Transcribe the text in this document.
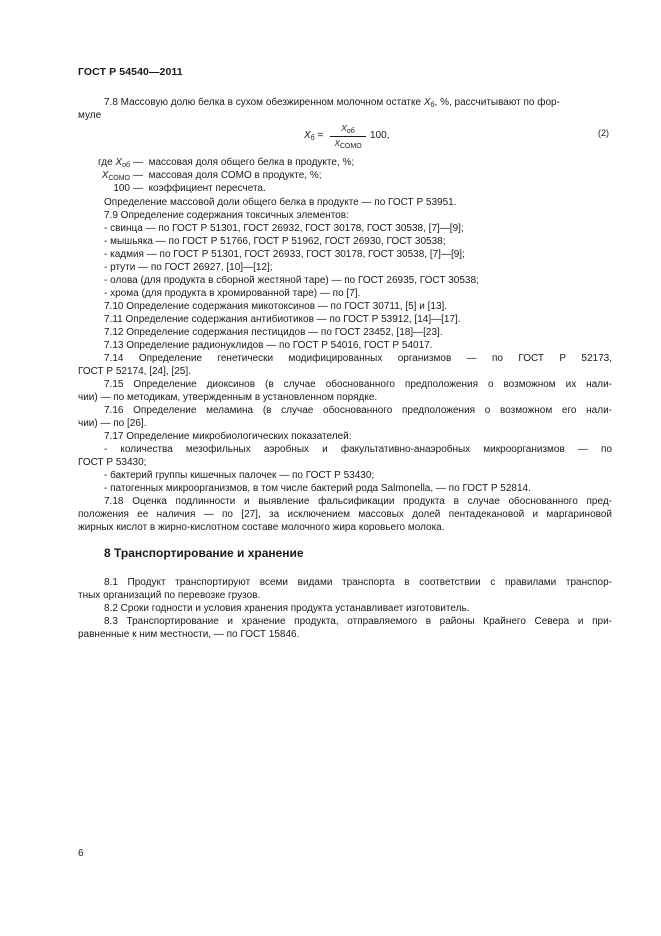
ГОСТ Р 54540—2011
7.8 Массовую долю белка в сухом обезжиренном молочном остатке $X_б$, %, рассчитывают по фор-
муле
$X_б$ =
$X_{об}$
$X_{СОМО}$
100,	(2)
где $X_{об}$ — массовая доля общего белка в продукте, %;
$X_{СОМО}$ — массовая доля СОМО в продукте, %;
100 — коэффициент пересчета.
Определение массовой доли общего белка в продукте — по ГОСТ Р 53951.
7.9 Определение содержания токсичных элементов:
- свинца — по ГОСТ Р 51301, ГОСТ 26932, ГОСТ 30178, ГОСТ 30538, [7]—[9];
- мышьяка — по ГОСТ Р 51766, ГОСТ Р 51962, ГОСТ 26930, ГОСТ 30538;
- кадмия — по ГОСТ Р 51301, ГОСТ 26933, ГОСТ 30178, ГОСТ 30538, [7]—[9];
- ртути — по ГОСТ 26927, [10]—[12];
- олова (для продукта в сборной жестяной таре) — по ГОСТ 26935, ГОСТ 30538;
- хрома (для продукта в хромированной таре) — по [7].
7.10 Определение содержания микотоксинов — по ГОСТ 30711, [5] и [13].
7.11 Определение содержания антибиотиков — по ГОСТ Р 53912, [14]—[17].
7.12 Определение содержания пестицидов — по ГОСТ 23452, [18]—[23].
7.13 Определение радионуклидов — по ГОСТ Р 54016, ГОСТ Р 54017.
7.14 Определение генетически модифицированных организмов — по ГОСТ Р 52173,
ГОСТ Р 52174, [24], [25].
7.15 Определение диоксинов (в случае обоснованного предположения о возможном их нали-
чии) — по методикам, утвержденным в установленном порядке.
7.16 Определение меламина (в случае обоснованного предположения о возможном его нали-
чии) — по [26].
7.17 Определение микробиологических показателей:
- количества мезофильных аэробных и факультативно-анаэробных микроорганизмов — по
ГОСТ Р 53430;
- бактерий группы кишечных палочек — по ГОСТ Р 53430;
- патогенных микроорганизмов, в том числе бактерий рода Salmonella, — по ГОСТ Р 52814.
7.18 Оценка подлинности и выявление фальсификации продукта в случае обоснованного пред-
положения ее наличия — по [27], за исключением массовых долей пентадекановой и маргариновой
жирных кислот в жирно-кислотном составе молочного жира коровьего молока.
8 Транспортирование и хранение
8.1 Продукт транспортируют всеми видами транспорта в соответствии с правилами транспор-
тных организаций по перевозке грузов.
8.2 Сроки годности и условия хранения продукта устанавливает изготовитель.
8.3 Транспортирование и хранение продукта, отправляемого в районы Крайнего Севера и при-
равненные к ним местности, — по ГОСТ 15846.
6
